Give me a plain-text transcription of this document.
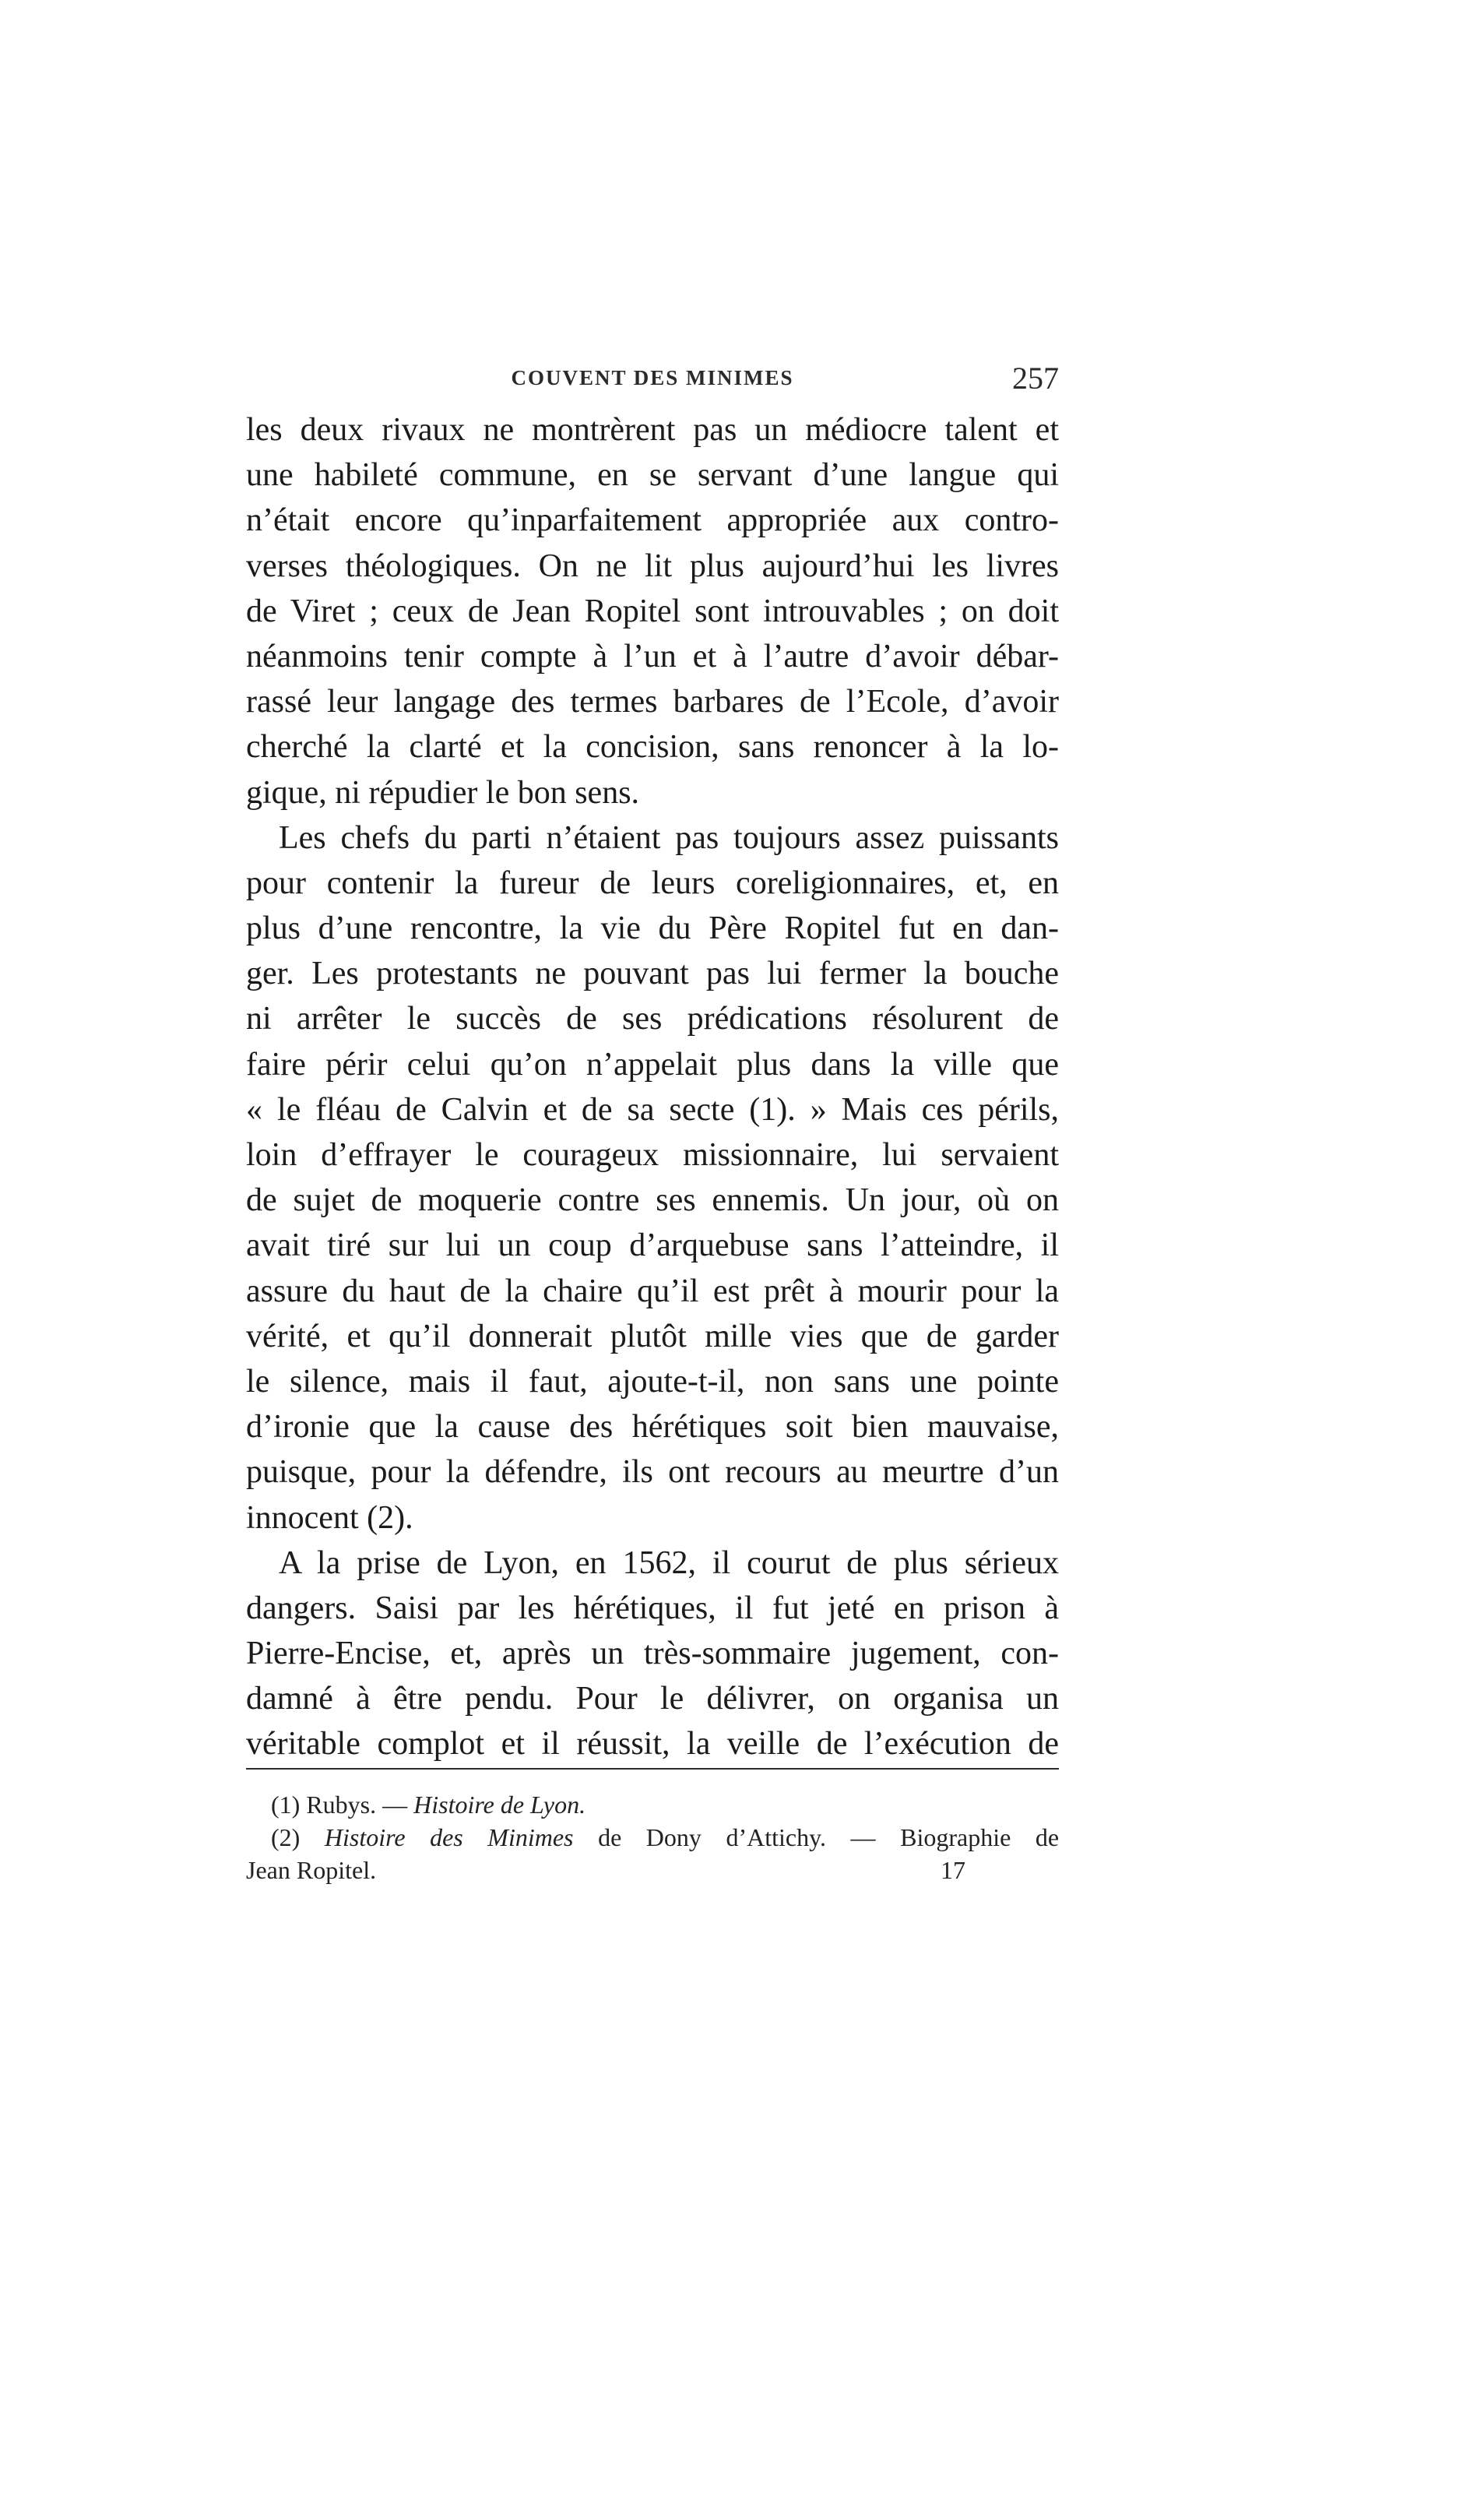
COUVENT DES MINIMES	257
les deux rivaux ne montrèrent pas un médiocre talent et
une habileté commune, en se servant d’une langue qui
n’était encore qu’inparfaitement appropriée aux contro-
verses théologiques. On ne lit plus aujourd’hui les livres
de Viret ; ceux de Jean Ropitel sont introuvables ; on doit
néanmoins tenir compte à l’un et à l’autre d’avoir débar-
rassé leur langage des termes barbares de l’Ecole, d’avoir
cherché la clarté et la concision, sans renoncer à la lo-
gique, ni répudier le bon sens.
Les chefs du parti n’étaient pas toujours assez puissants
pour contenir la fureur de leurs coreligionnaires, et, en
plus d’une rencontre, la vie du Père Ropitel fut en dan-
ger. Les protestants ne pouvant pas lui fermer la bouche
ni arrêter le succès de ses prédications résolurent de
faire périr celui qu’on n’appelait plus dans la ville que
« le fléau de Calvin et de sa secte (1). » Mais ces périls,
loin d’effrayer le courageux missionnaire, lui servaient
de sujet de moquerie contre ses ennemis. Un jour, où on
avait tiré sur lui un coup d’arquebuse sans l’atteindre, il
assure du haut de la chaire qu’il est prêt à mourir pour la
vérité, et qu’il donnerait plutôt mille vies que de garder
le silence, mais il faut, ajoute-t-il, non sans une pointe
d’ironie que la cause des hérétiques soit bien mauvaise,
puisque, pour la défendre, ils ont recours au meurtre d’un
innocent (2).
A la prise de Lyon, en 1562, il courut de plus sérieux
dangers. Saisi par les hérétiques, il fut jeté en prison à
Pierre-Encise, et, après un très-sommaire jugement, con-
damné à être pendu. Pour le délivrer, on organisa un
véritable complot et il réussit, la veille de l’exécution de
(1) Rubys. — Histoire de Lyon.
(2) Histoire des Minimes de Dony d’Attichy. — Biographie de
Jean Ropitel.	17
